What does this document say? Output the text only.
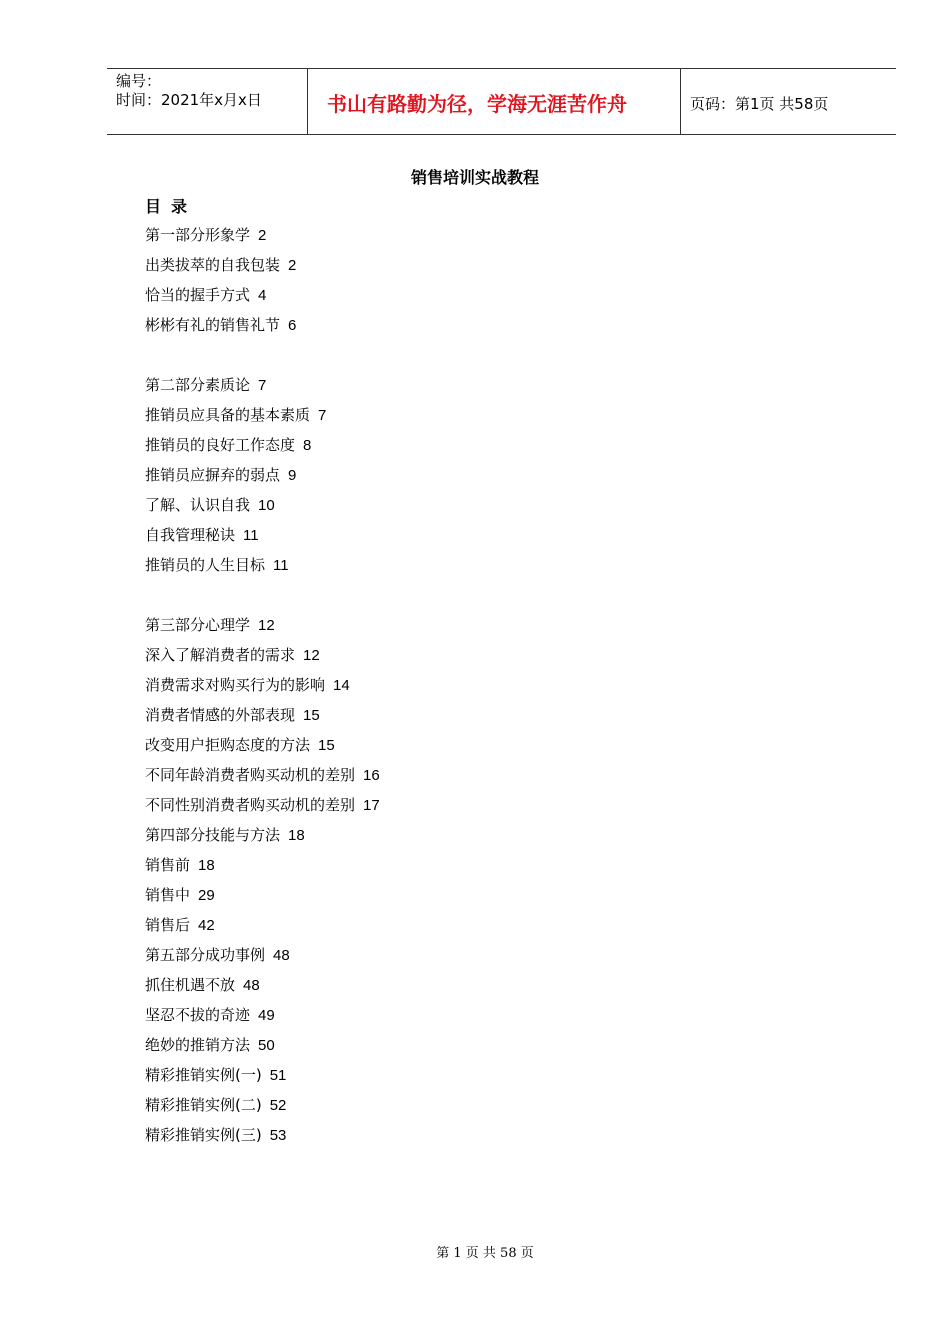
编号：
时间：2021年x月x日	书山有路勤为径，学海无涯苦作舟	页码：第1页 共58页
销售培训实战教程
目录
第一部分形象学 2
出类拔萃的自我包装 2
恰当的握手方式 4
彬彬有礼的销售礼节 6
第二部分素质论 7
推销员应具备的基本素质 7
推销员的良好工作态度 8
推销员应摒弃的弱点 9
了解、认识自我 10
自我管理秘诀 11
推销员的人生目标 11
第三部分心理学 12
深入了解消费者的需求 12
消费需求对购买行为的影响 14
消费者情感的外部表现 15
改变用户拒购态度的方法 15
不同年龄消费者购买动机的差别 16
不同性别消费者购买动机的差别 17
第四部分技能与方法 18
销售前 18
销售中 29
销售后 42
第五部分成功事例 48
抓住机遇不放 48
坚忍不拔的奇迹 49
绝妙的推销方法 50
精彩推销实例(一) 51
精彩推销实例(二) 52
精彩推销实例(三) 53
第 1 页 共 58 页
